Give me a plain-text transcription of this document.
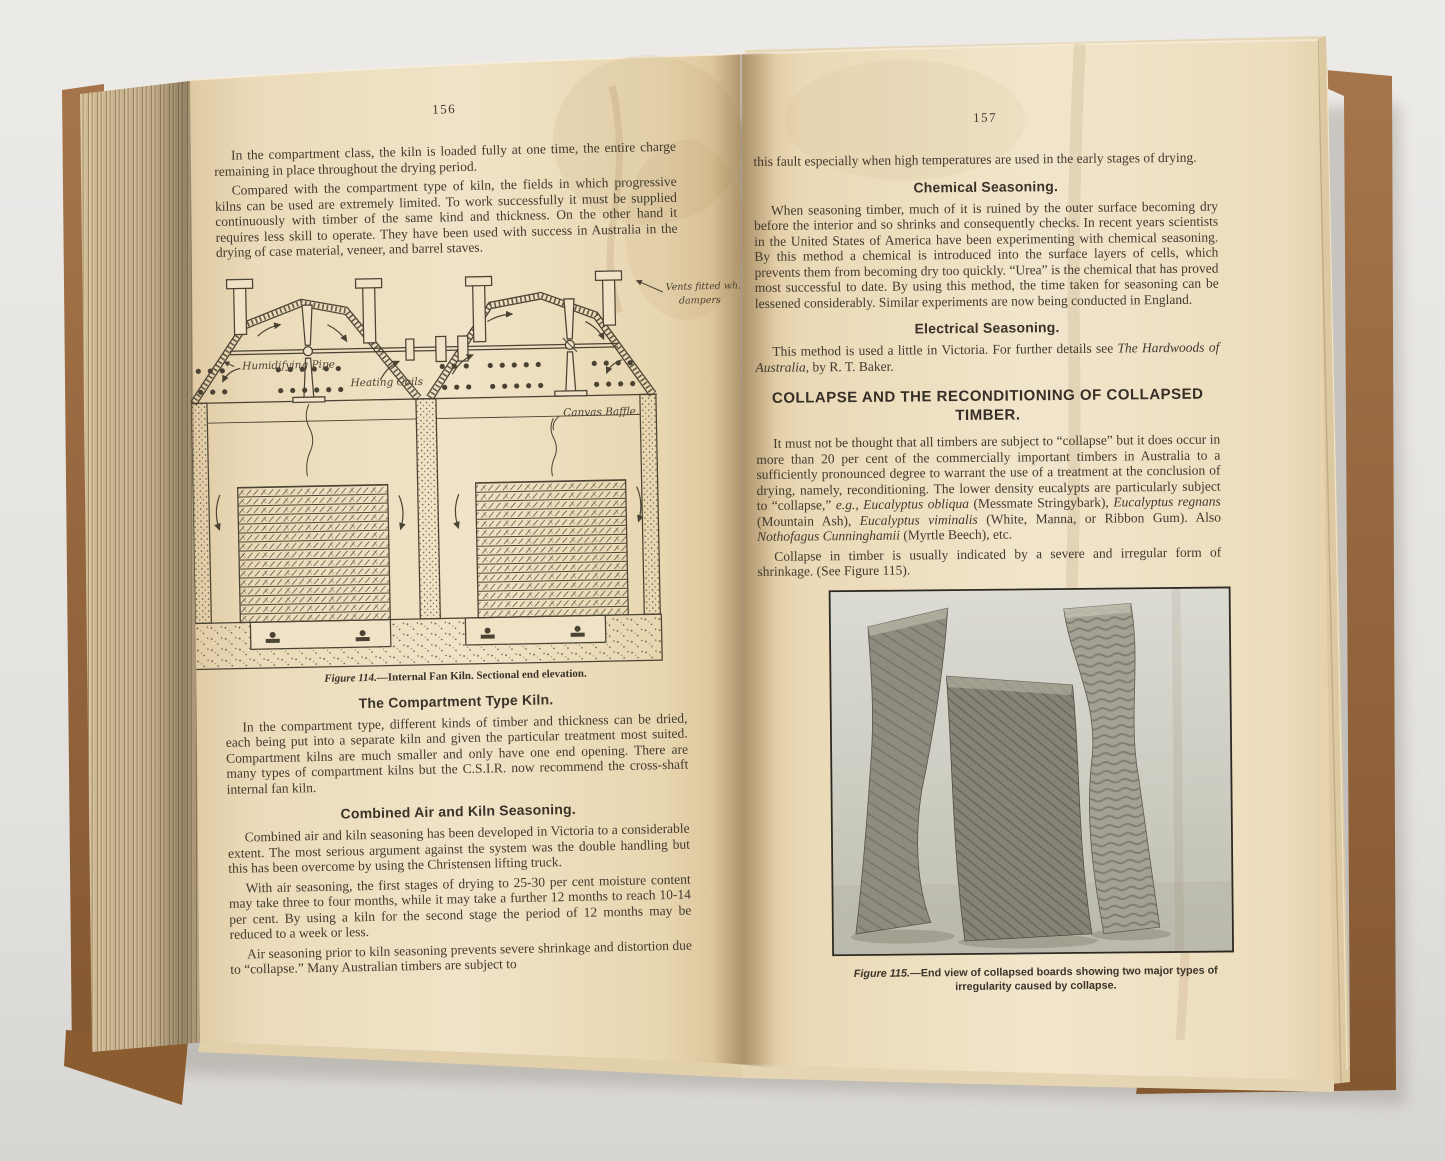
156

In the compartment class, the kiln is loaded fully at one time, the entire charge remaining in place throughout the drying period.

Compared with the compartment type of kiln, the fields in which progressive kilns can be used are extremely limited. To work successfully it must be supplied continuously with timber of the same kind and thickness. On the other hand it requires less skill to operate. They have been used with success in Australia in the drying of case material, veneer, and barrel staves.

Humidifying Pipe
Heating Coils
Canvas Baffle.
Vents fitted wh.
dampers
Figure 114.—Internal Fan Kiln. Sectional end elevation.
The Compartment Type Kiln.

In the compartment type, different kinds of timber and thickness can be dried, each being put into a separate kiln and given the particular treatment most suited. Compartment kilns are much smaller and only have one end opening. There are many types of compartment kilns but the C.S.I.R. now recommend the cross-shaft internal fan kiln.

Combined Air and Kiln Seasoning.

Combined air and kiln seasoning has been developed in Victoria to a considerable extent. The most serious argument against the system was the double handling but this has been overcome by using the Christensen lifting truck.

With air seasoning, the first stages of drying to 25-30 per cent moisture content may take three to four months, while it may take a further 12 months to reach 10-14 per cent. By using a kiln for the second stage the period of 12 months may be reduced to a week or less.

Air seasoning prior to kiln seasoning prevents severe shrinkage and distortion due to “collapse.” Many Australian timbers are subject to

157

this fault especially when high temperatures are used in the early stages of drying.

Chemical Seasoning.

When seasoning timber, much of it is ruined by the outer surface becoming dry before the interior and so shrinks and consequently checks. In recent years scientists in the United States of America have been experimenting with chemical seasoning. By this method a chemical is introduced into the surface layers of cells, which prevents them from becoming dry too quickly. “Urea” is the chemical that has proved most successful to date. By using this method, the time taken for seasoning can be lessened considerably. Similar experiments are now being conducted in England.

Electrical Seasoning.

This method is used a little in Victoria. For further details see The Hardwoods of Australia, by R. T. Baker.

COLLAPSE AND THE RECONDITIONING OF COLLAPSED TIMBER.

It must not be thought that all timbers are subject to “collapse” but it does occur in more than 20 per cent of the commercially important timbers in Australia to a sufficiently pronounced degree to warrant the use of a treatment at the conclusion of drying, namely, reconditioning. The lower density eucalypts are particularly subject to “collapse,” e.g., Eucalyptus obliqua (Messmate Stringybark), Eucalyptus regnans (Mountain Ash), Eucalyptus viminalis (White, Manna, or Ribbon Gum). Also Nothofagus Cunninghamii (Myrtle Beech), etc.

Collapse in timber is usually indicated by a severe and irregular form of shrinkage. (See Figure 115).

Figure 115.—End view of collapsed boards showing two major types of irregularity caused by collapse.
